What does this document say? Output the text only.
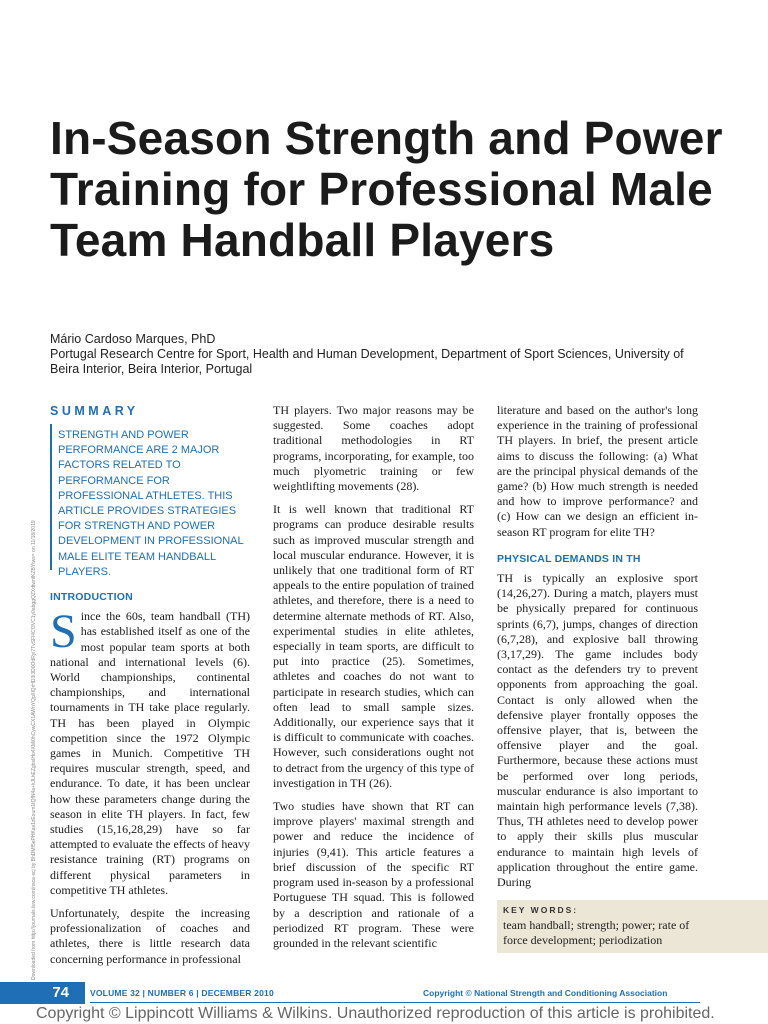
In-Season Strength and Power Training for Professional Male Team Handball Players
Mário Cardoso Marques, PhD
Portugal Research Centre for Sport, Health and Human Development, Department of Sport Sciences, University of Beira Interior, Beira Interior, Portugal
Downloaded from http://journals.lww.com/nsca-scj by BhDMf5ePHKav1zEoum1tQfN4a+kJLhEZgbsIHo4XMi0hCywCX1AWnYQp/IlQrHD3i3D0OdRyi7TvSFl4Cf3VC1y0abggQZXdtwnfKZBYtws= on 11/18/2019
SUMMARY
STRENGTH AND POWER PERFORMANCE ARE 2 MAJOR FACTORS RELATED TO PERFORMANCE FOR PROFESSIONAL ATHLETES. THIS ARTICLE PROVIDES STRATEGIES FOR STRENGTH AND POWER DEVELOPMENT IN PROFESSIONAL MALE ELITE TEAM HANDBALL PLAYERS.
INTRODUCTION

Since the 60s, team handball (TH) has established itself as one of the most popular team sports at both national and international levels (6). World championships, continental championships, and international tournaments in TH take place regularly. TH has been played in Olympic competition since the 1972 Olympic games in Munich. Competitive TH requires muscular strength, speed, and endurance. To date, it has been unclear how these parameters change during the season in elite TH players. In fact, few studies (15,16,28,29) have so far attempted to evaluate the effects of heavy resistance training (RT) programs on different physical parameters in competitive TH athletes.

Unfortunately, despite the increasing professionalization of coaches and athletes, there is little research data concerning performance in professional

TH players. Two major reasons may be suggested. Some coaches adopt traditional methodologies in RT programs, incorporating, for example, too much plyometric training or few weightlifting movements (28).

It is well known that traditional RT programs can produce desirable results such as improved muscular strength and local muscular endurance. However, it is unlikely that one traditional form of RT appeals to the entire population of trained athletes, and therefore, there is a need to determine alternate methods of RT. Also, experimental studies in elite athletes, especially in team sports, are difficult to put into practice (25). Sometimes, athletes and coaches do not want to participate in research studies, which can often lead to small sample sizes. Additionally, our experience says that it is difficult to communicate with coaches. However, such considerations ought not to detract from the urgency of this type of investigation in TH (26).

Two studies have shown that RT can improve players' maximal strength and power and reduce the incidence of injuries (9,41). This article features a brief discussion of the specific RT program used in-season by a professional Portuguese TH squad. This is followed by a description and rationale of a periodized RT program. These were grounded in the relevant scientific

literature and based on the author's long experience in the training of professional TH players. In brief, the present article aims to discuss the following: (a) What are the principal physical demands of the game? (b) How much strength is needed and how to improve performance? and (c) How can we design an efficient in-season RT program for elite TH?

PHYSICAL DEMANDS IN TH

TH is typically an explosive sport (14,26,27). During a match, players must be physically prepared for continuous sprints (6,7), jumps, changes of direction (6,7,28), and explosive ball throwing (3,17,29). The game includes body contact as the defenders try to prevent opponents from approaching the goal. Contact is only allowed when the defensive player frontally opposes the offensive player, that is, between the offensive player and the goal. Furthermore, because these actions must be performed over long periods, muscular endurance is also important to maintain high performance levels (7,38). Thus, TH athletes need to develop power to apply their skills plus muscular endurance to maintain high levels of application throughout the entire game. During

KEY WORDS:
team handball; strength; power; rate of force development; periodization
74	VOLUME 32 | NUMBER 6 | DECEMBER 2010	Copyright © National Strength and Conditioning Association
Copyright © Lippincott Williams & Wilkins. Unauthorized reproduction of this article is prohibited.
